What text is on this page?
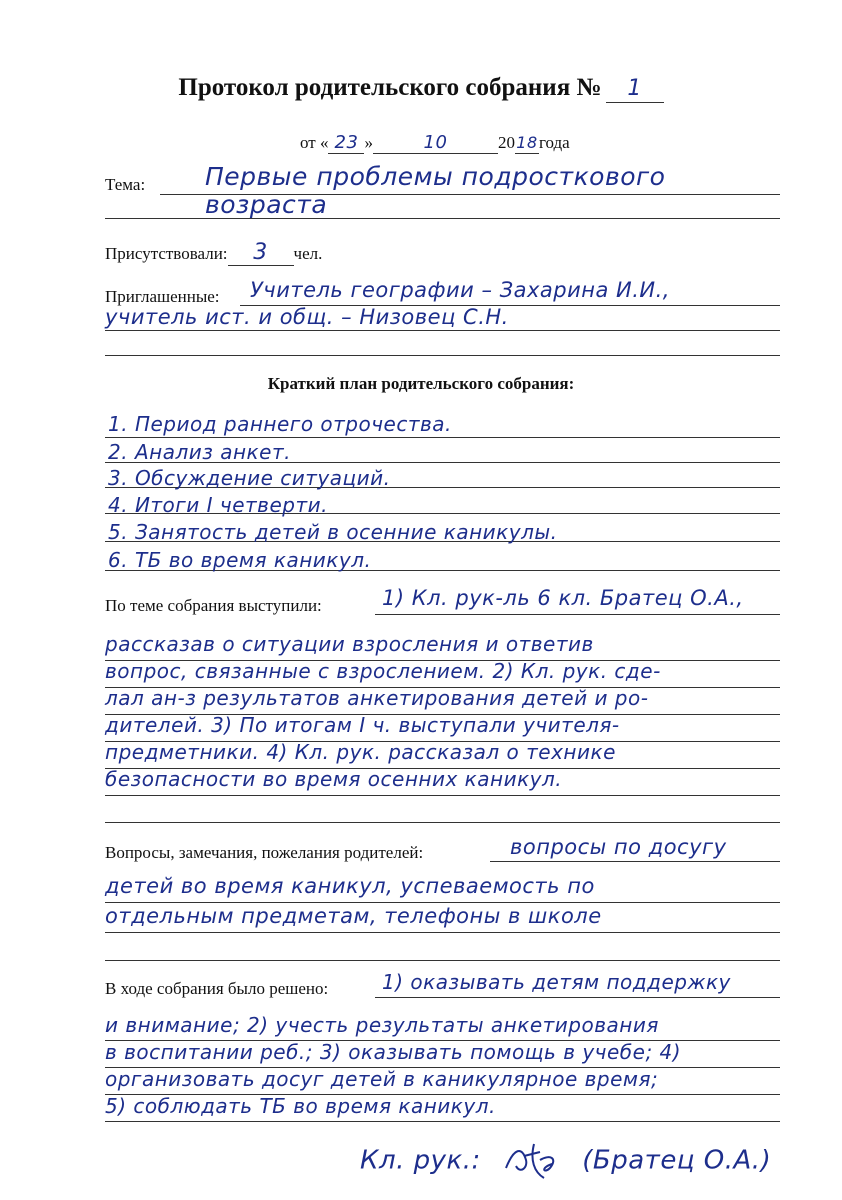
Протокол родительского собрания № 1
от « 23 »	10	2018года
Тема: Первые проблемы подросткового
возраста
Присутствовали: 3 чел.
Приглашенные: Учитель географии – Захарина И.И.,
учитель ист. и общ. – Низовец С.Н.
Краткий план родительского собрания:
1. Период раннего отрочества.
2. Анализ анкет.
3. Обсуждение ситуаций.
4. Итоги I четверти.
5. Занятость детей в осенние каникулы.
6. ТБ во время каникул.
По теме собрания выступили:	1) Кл. рук-ль 6 кл. Братец О.А.,
рассказав о ситуации взросления и ответив
вопрос, связанные с взрослением. 2) Кл. рук. сде-
лал ан-з результатов анкетирования детей и ро-
дителей. 3) По итогам I ч. выступали учителя-
предметники. 4) Кл. рук. рассказал о технике
безопасности во время осенних каникул.
Вопросы, замечания, пожелания родителей:	вопросы по досугу
детей во время каникул, успеваемость по
отдельным предметам, телефоны в школе
В ходе собрания было решено:	1) оказывать детям поддержку
и внимание; 2) учесть результаты анкетирования
в воспитании реб.; 3) оказывать помощь в учебе; 4)
организовать досуг детей в каникулярное время;
5) соблюдать ТБ во время каникул.
Кл. рук.:	(Братец О.А.)
